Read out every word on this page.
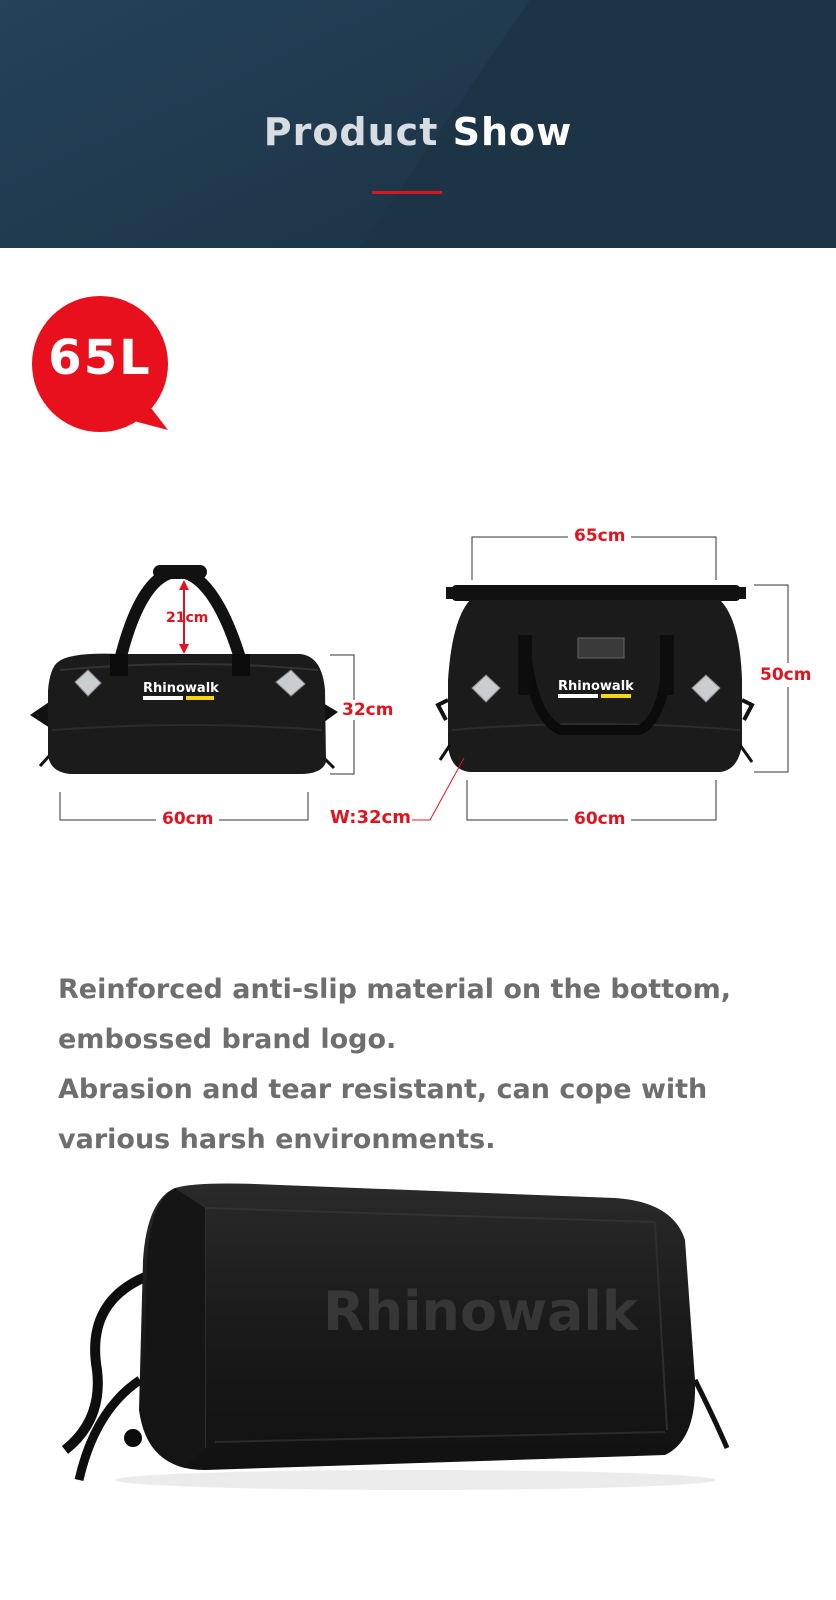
Product Show
65L
Rhinowalk	Rhinowalk
21cm
32cm
60cm	W:32cm
65cm
50cm
60cm

Reinforced anti-slip material on the bottom,

embossed brand logo.

Abrasion and tear resistant, can cope with

various harsh environments.

Rhinowalk
